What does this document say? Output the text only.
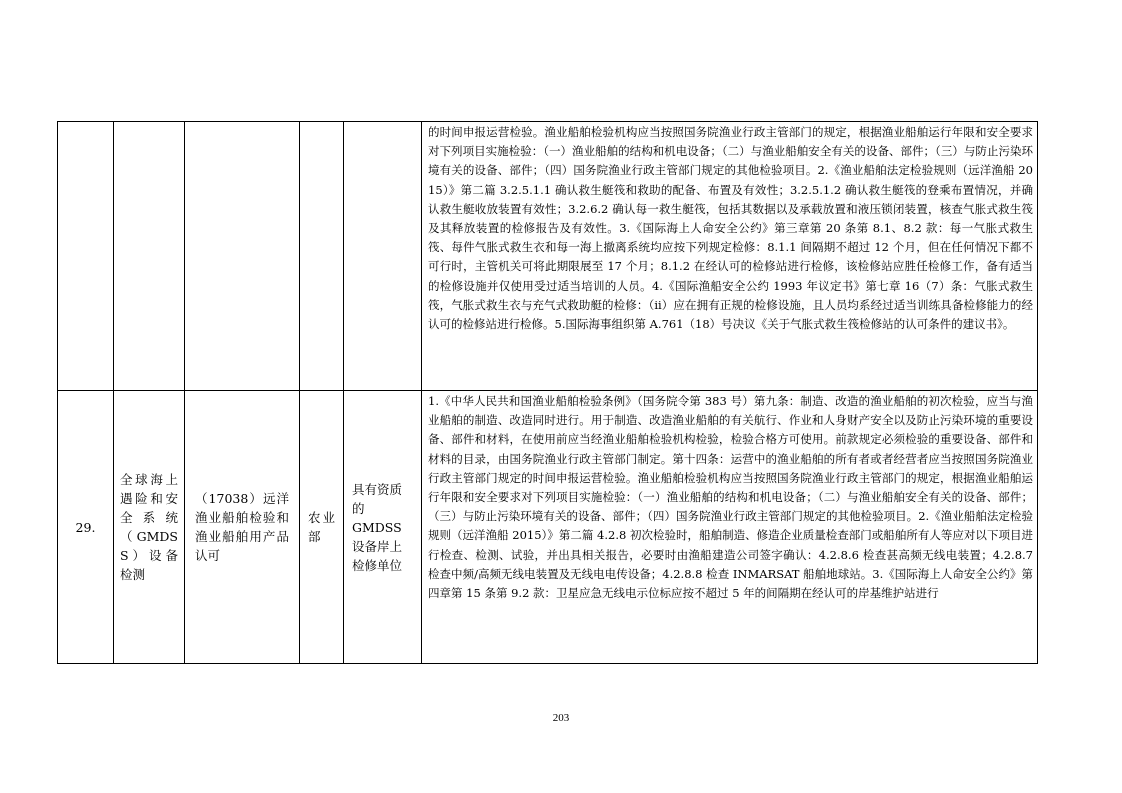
					的时间申报运营检验。渔业船舶检验机构应当按照国务院渔业行政主管部门的规定，根据渔业船舶运行年限和安全要求对下列项目实施检验：（一）渔业船舶的结构和机电设备；（二）与渔业船舶安全有关的设备、部件；（三）与防止污染环境有关的设备、部件；（四）国务院渔业行政主管部门规定的其他检验项目。2.《渔业船舶法定检验规则（远洋渔船 2015）》第二篇 3.2.5.1.1 确认救生艇筏和救助的配备、布置及有效性；3.2.5.1.2 确认救生艇筏的登乘布置情况，并确认救生艇收放装置有效性；3.2.6.2 确认每一救生艇筏，包括其数据以及承载放置和液压锁闭装置，核查气胀式救生筏及其释放装置的检修报告及有效性。3.《国际海上人命安全公约》第三章第 20 条第 8.1、8.2 款：每一气胀式救生筏、每件气胀式救生衣和每一海上撤离系统均应按下列规定检修：8.1.1 间隔期不超过 12 个月，但在任何情况下都不可行时，主管机关可将此期限展至 17 个月；8.1.2 在经认可的检修站进行检修，该检修站应胜任检修工作，备有适当的检修设施并仅使用受过适当培训的人员。4.《国际渔船安全公约 1993 年议定书》第七章 16（7）条：气胀式救生筏，气胀式救生衣与充气式救助艇的检修：（ii）应在拥有正规的检修设施，且人员均系经过适当训练具备检修能力的经认可的检修站进行检修。5.国际海事组织第 A.761（18）号决议《关于气胀式救生筏检修站的认可条件的建议书》。
29.	全球海上遇险和安全系统（GMDSS）设备检测	（17038）远洋渔业船舶检验和渔业船舶用产品认可	农业部	具有资质的GMDSS设备岸上检修单位	1.《中华人民共和国渔业船舶检验条例》（国务院令第 383 号）第九条：制造、改造的渔业船舶的初次检验，应当与渔业船舶的制造、改造同时进行。用于制造、改造渔业船舶的有关航行、作业和人身财产安全以及防止污染环境的重要设备、部件和材料，在使用前应当经渔业船舶检验机构检验，检验合格方可使用。前款规定必须检验的重要设备、部件和材料的目录，由国务院渔业行政主管部门制定。第十四条：运营中的渔业船舶的所有者或者经营者应当按照国务院渔业行政主管部门规定的时间申报运营检验。渔业船舶检验机构应当按照国务院渔业行政主管部门的规定，根据渔业船舶运行年限和安全要求对下列项目实施检验：（一）渔业船舶的结构和机电设备；（二）与渔业船舶安全有关的设备、部件；（三）与防止污染环境有关的设备、部件；（四）国务院渔业行政主管部门规定的其他检验项目。2.《渔业船舶法定检验规则（远洋渔船 2015）》第二篇 4.2.8 初次检验时，船舶制造、修造企业质量检查部门或船舶所有人等应对以下项目进行检查、检测、试验，并出具相关报告，必要时由渔船建造公司签字确认：4.2.8.6 检查甚高频无线电装置；4.2.8.7 检查中频/高频无线电装置及无线电电传设备；4.2.8.8 检查 INMARSAT 船舶地球站。3.《国际海上人命安全公约》第四章第 15 条第 9.2 款：卫星应急无线电示位标应按不超过 5 年的间隔期在经认可的岸基维护站进行
203
